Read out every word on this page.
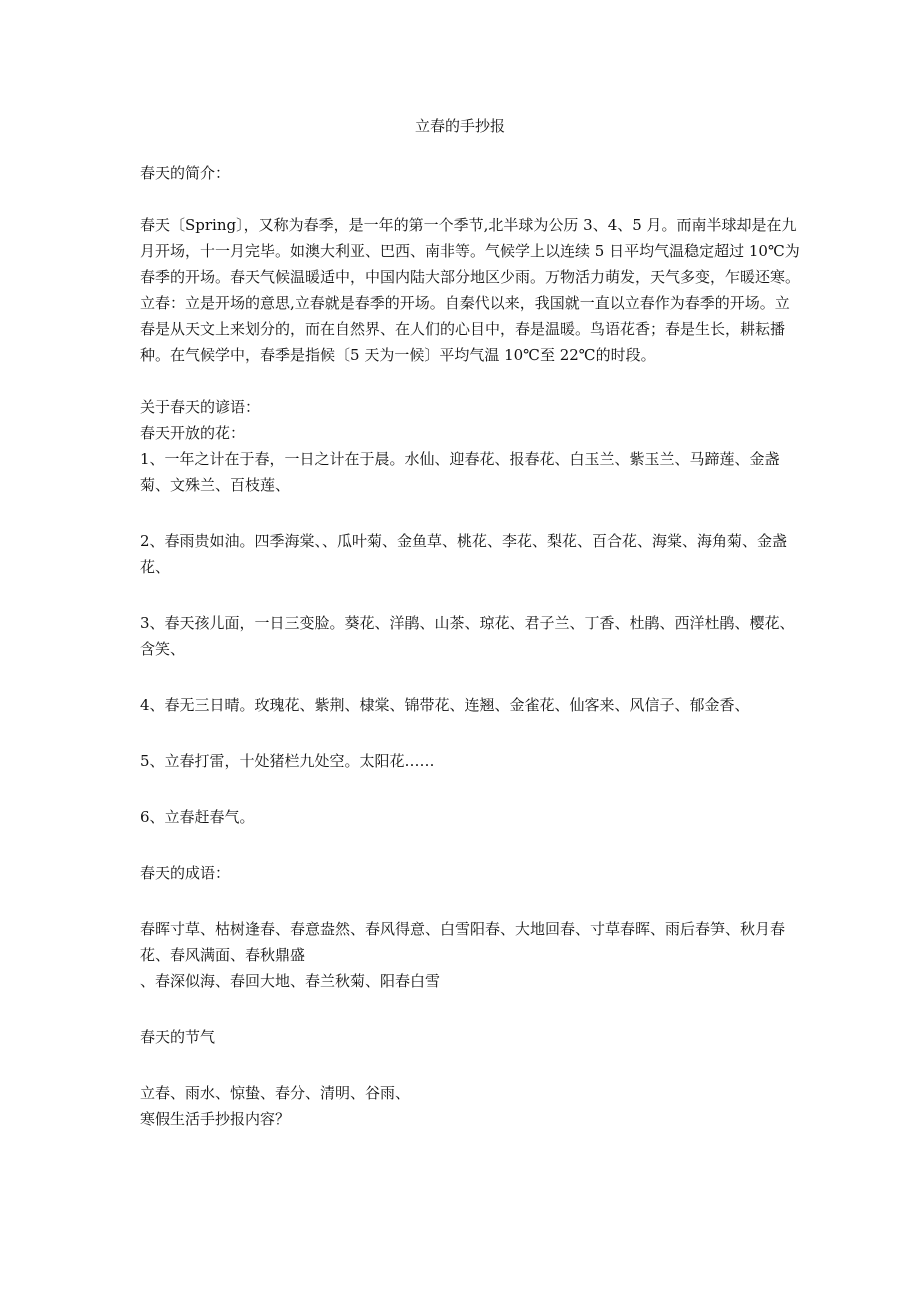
立春的手抄报

春天的简介：

春天〔Spring〕，又称为春季，是一年的第一个季节,北半球为公历 3、4、5 月。而南半球却是在九月开场，十一月完毕。如澳大利亚、巴西、南非等。气候学上以连续 5 日平均气温稳定超过 10℃为春季的开场。春天气候温暖适中，中国内陆大部分地区少雨。万物活力萌发，天气多变，乍暖还寒。立春：立是开场的意思,立春就是春季的开场。自秦代以来，我国就一直以立春作为春季的开场。立春是从天文上来划分的，而在自然界、在人们的心目中，春是温暖。鸟语花香；春是生长，耕耘播种。在气候学中，春季是指候〔5 天为一候〕平均气温 10℃至 22℃的时段。

关于春天的谚语：

春天开放的花：

1、一年之计在于春，一日之计在于晨。水仙、迎春花、报春花、白玉兰、紫玉兰、马蹄莲、金盏菊、文殊兰、百枝莲、

2、春雨贵如油。四季海棠、、瓜叶菊、金鱼草、桃花、李花、梨花、百合花、海棠、海角菊、金盏花、

3、春天孩儿面，一日三变脸。葵花、洋鹃、山茶、琼花、君子兰、丁香、杜鹃、西洋杜鹃、樱花、含笑、

4、春无三日晴。玫瑰花、紫荆、棣棠、锦带花、连翘、金雀花、仙客来、风信子、郁金香、

5、立春打雷，十处猪栏九处空。太阳花……

6、立春赶春气。

春天的成语：

春晖寸草、枯树逢春、春意盎然、春风得意、白雪阳春、大地回春、寸草春晖、雨后春笋、秋月春花、春风满面、春秋鼎盛

、春深似海、春回大地、春兰秋菊、阳春白雪

春天的节气

立春、雨水、惊蛰、春分、清明、谷雨、

寒假生活手抄报内容？
